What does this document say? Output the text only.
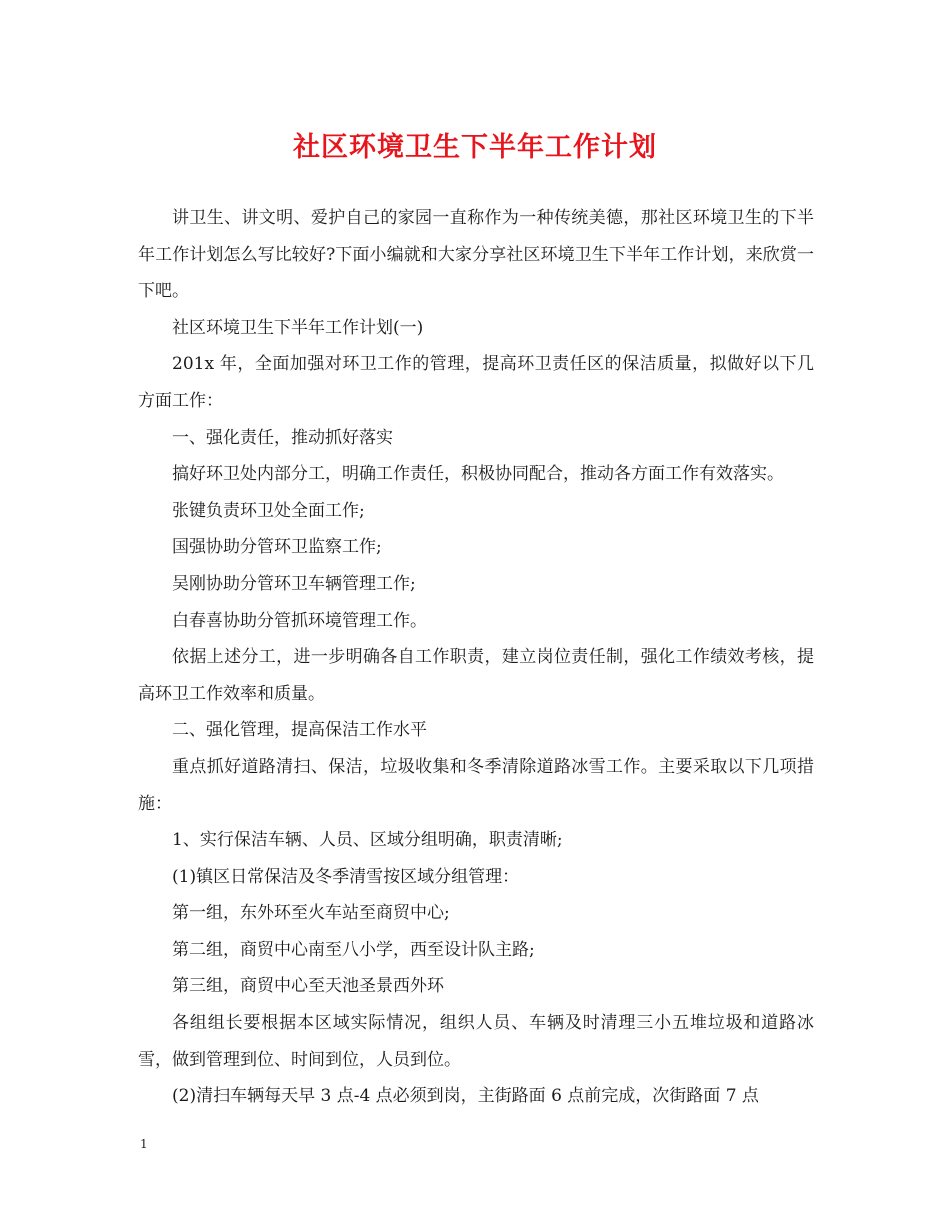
社区环境卫生下半年工作计划

讲卫生、讲文明、爱护自己的家园一直称作为一种传统美德，那社区环境卫生的下半年工作计划怎么写比较好?下面小编就和大家分享社区环境卫生下半年工作计划，来欣赏一下吧。

社区环境卫生下半年工作计划(一)

201x 年，全面加强对环卫工作的管理，提高环卫责任区的保洁质量，拟做好以下几方面工作：

一、强化责任，推动抓好落实

搞好环卫处内部分工，明确工作责任，积极协同配合，推动各方面工作有效落实。

张键负责环卫处全面工作;

国强协助分管环卫监察工作;

吴刚协助分管环卫车辆管理工作;

白春喜协助分管抓环境管理工作。

依据上述分工，进一步明确各自工作职责，建立岗位责任制，强化工作绩效考核，提高环卫工作效率和质量。

二、强化管理，提高保洁工作水平

重点抓好道路清扫、保洁，垃圾收集和冬季清除道路冰雪工作。主要采取以下几项措施：

1、实行保洁车辆、人员、区域分组明确，职责清晰;

(1)镇区日常保洁及冬季清雪按区域分组管理：

第一组，东外环至火车站至商贸中心;

第二组，商贸中心南至八小学，西至设计队主路;

第三组，商贸中心至天池圣景西外环

各组组长要根据本区域实际情况，组织人员、车辆及时清理三小五堆垃圾和道路冰雪，做到管理到位、时间到位，人员到位。

(2)清扫车辆每天早 3 点-4 点必须到岗，主街路面 6 点前完成，次街路面 7 点

1
